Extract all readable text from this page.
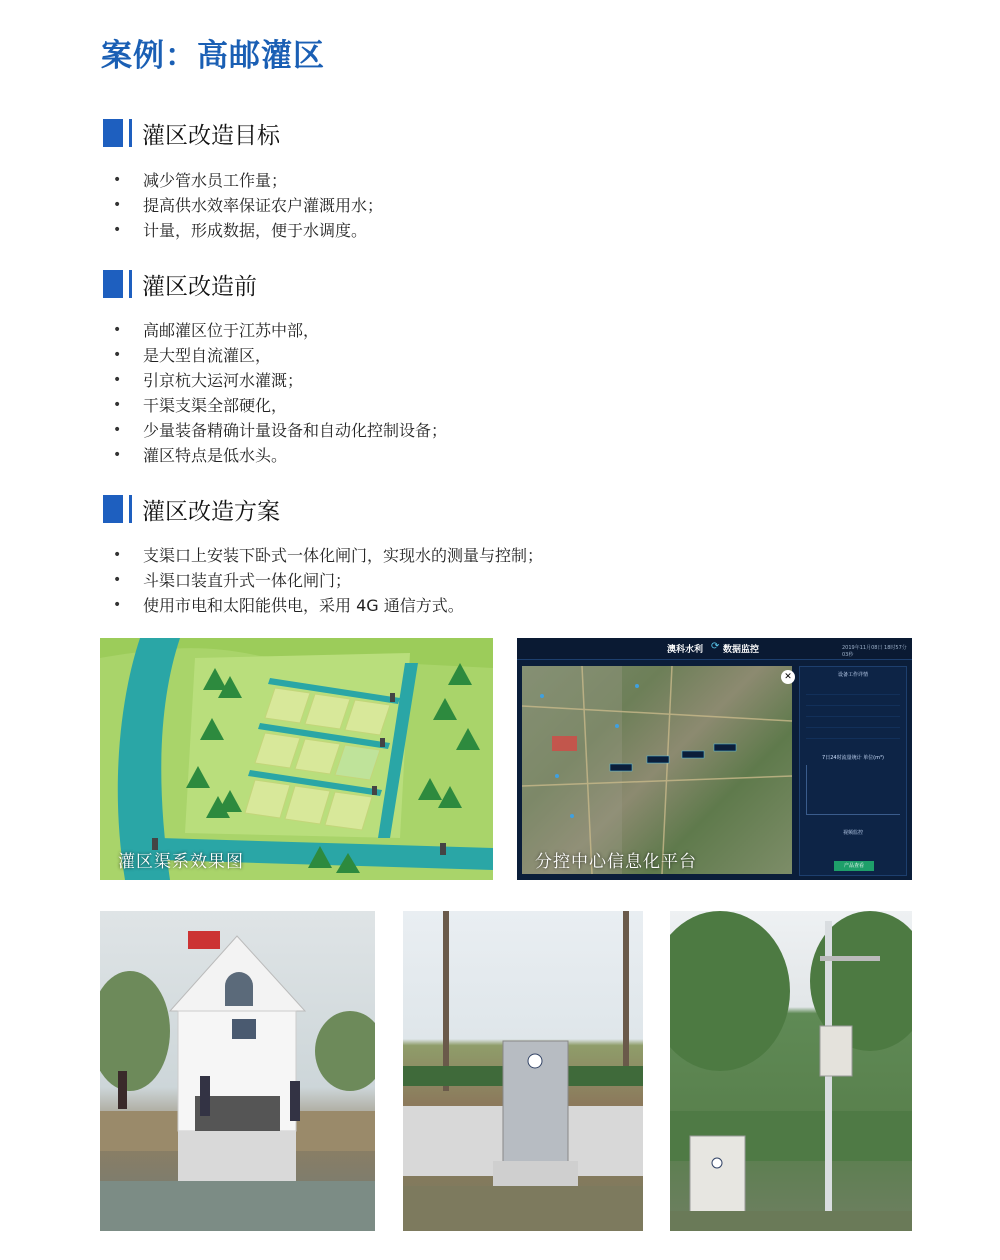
案例：高邮灌区
灌区改造目标
• 减少管水员工作量；
• 提高供水效率保证农户灌溉用水；
• 计量，形成数据，便于水调度。
灌区改造前
• 高邮灌区位于江苏中部，
• 是大型自流灌区，
• 引京杭大运河水灌溉；
• 干渠支渠全部硬化，
• 少量装备精确计量设备和自动化控制设备；
• 灌区特点是低水头。
灌区改造方案
• 支渠口上安装下卧式一体化闸门，实现水的测量与控制；
• 斗渠口装直升式一体化闸门；
• 使用市电和太阳能供电，采用 4G 通信方式。
灌区渠系效果图
澳科水利 ⟳ 数据监控	2019年11月08日 18时57分03秒
✕	设备工作详情
7日24时流量统计 单位(m³)
视频监控
产品查看
分控中心信息化平台
